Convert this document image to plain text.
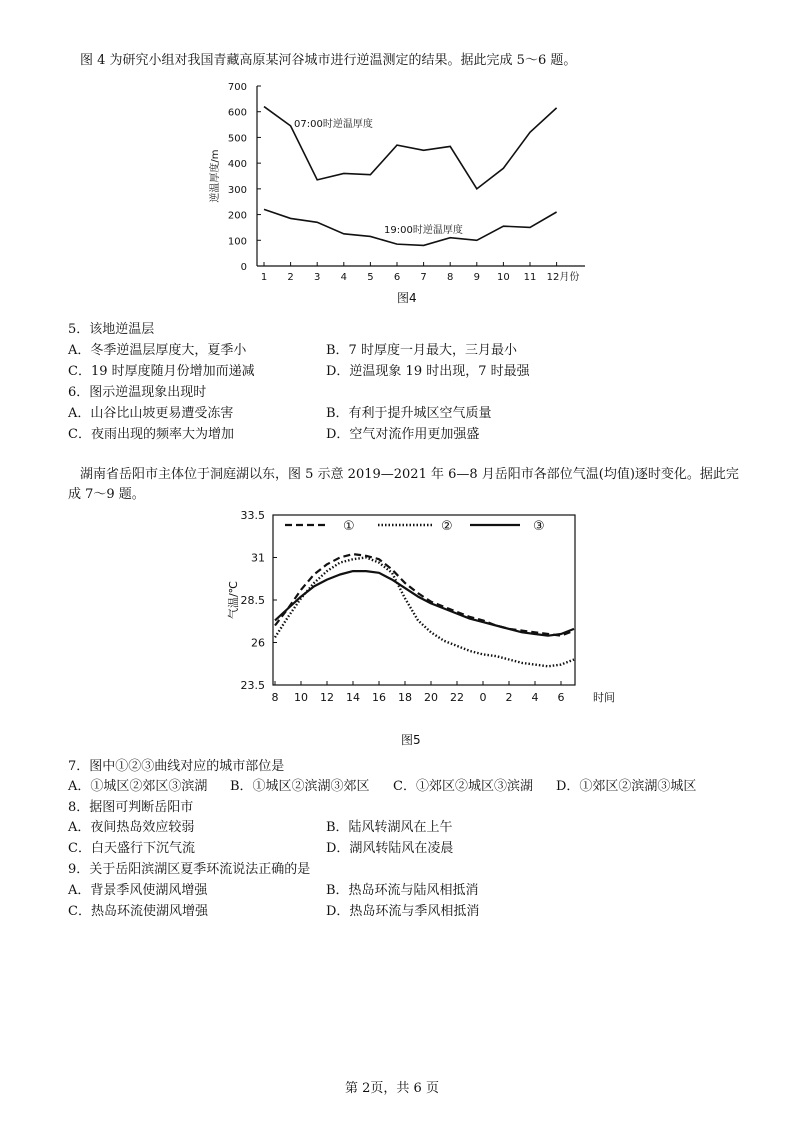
图 4 为研究小组对我国青藏高原某河谷城市进行逆温测定的结果。据此完成 5～6 题。
0
100
200
300
400
500
600
700
1 2 3 4 5 6 7 8 9 10 11 12月份
逆温厚度/m
07:00时逆温厚度
19:00时逆温厚度
图4
5．该地逆温层
A．冬季逆温层厚度大，夏季小	B．7 时厚度一月最大，三月最小
C．19 时厚度随月份增加而递减	D．逆温现象 19 时出现，7 时最强
6．图示逆温现象出现时
A．山谷比山坡更易遭受冻害	B．有利于提升城区空气质量
C．夜雨出现的频率大为增加	D．空气对流作用更加强盛
湖南省岳阳市主体位于洞庭湖以东，图 5 示意 2019—2021 年 6—8 月岳阳市各部位气温(均值)逐时变化。据此完
成 7～9 题。
23.5
26
28.5
31
33.5
8 10 12 14 16 18 20 22 0 2 4 6	时间
气温/℃
①	②	③
图5
7．图中①②③曲线对应的城市部位是
A．①城区②郊区③滨湖 B．①城区②滨湖③郊区 C．①郊区②城区③滨湖 D．①郊区②滨湖③城区
8．据图可判断岳阳市
A．夜间热岛效应较弱	B．陆风转湖风在上午
C．白天盛行下沉气流	D．湖风转陆风在凌晨
9．关于岳阳滨湖区夏季环流说法正确的是
A．背景季风使湖风增强	B．热岛环流与陆风相抵消
C．热岛环流使湖风增强	D．热岛环流与季风相抵消
第 2页，共 6 页
